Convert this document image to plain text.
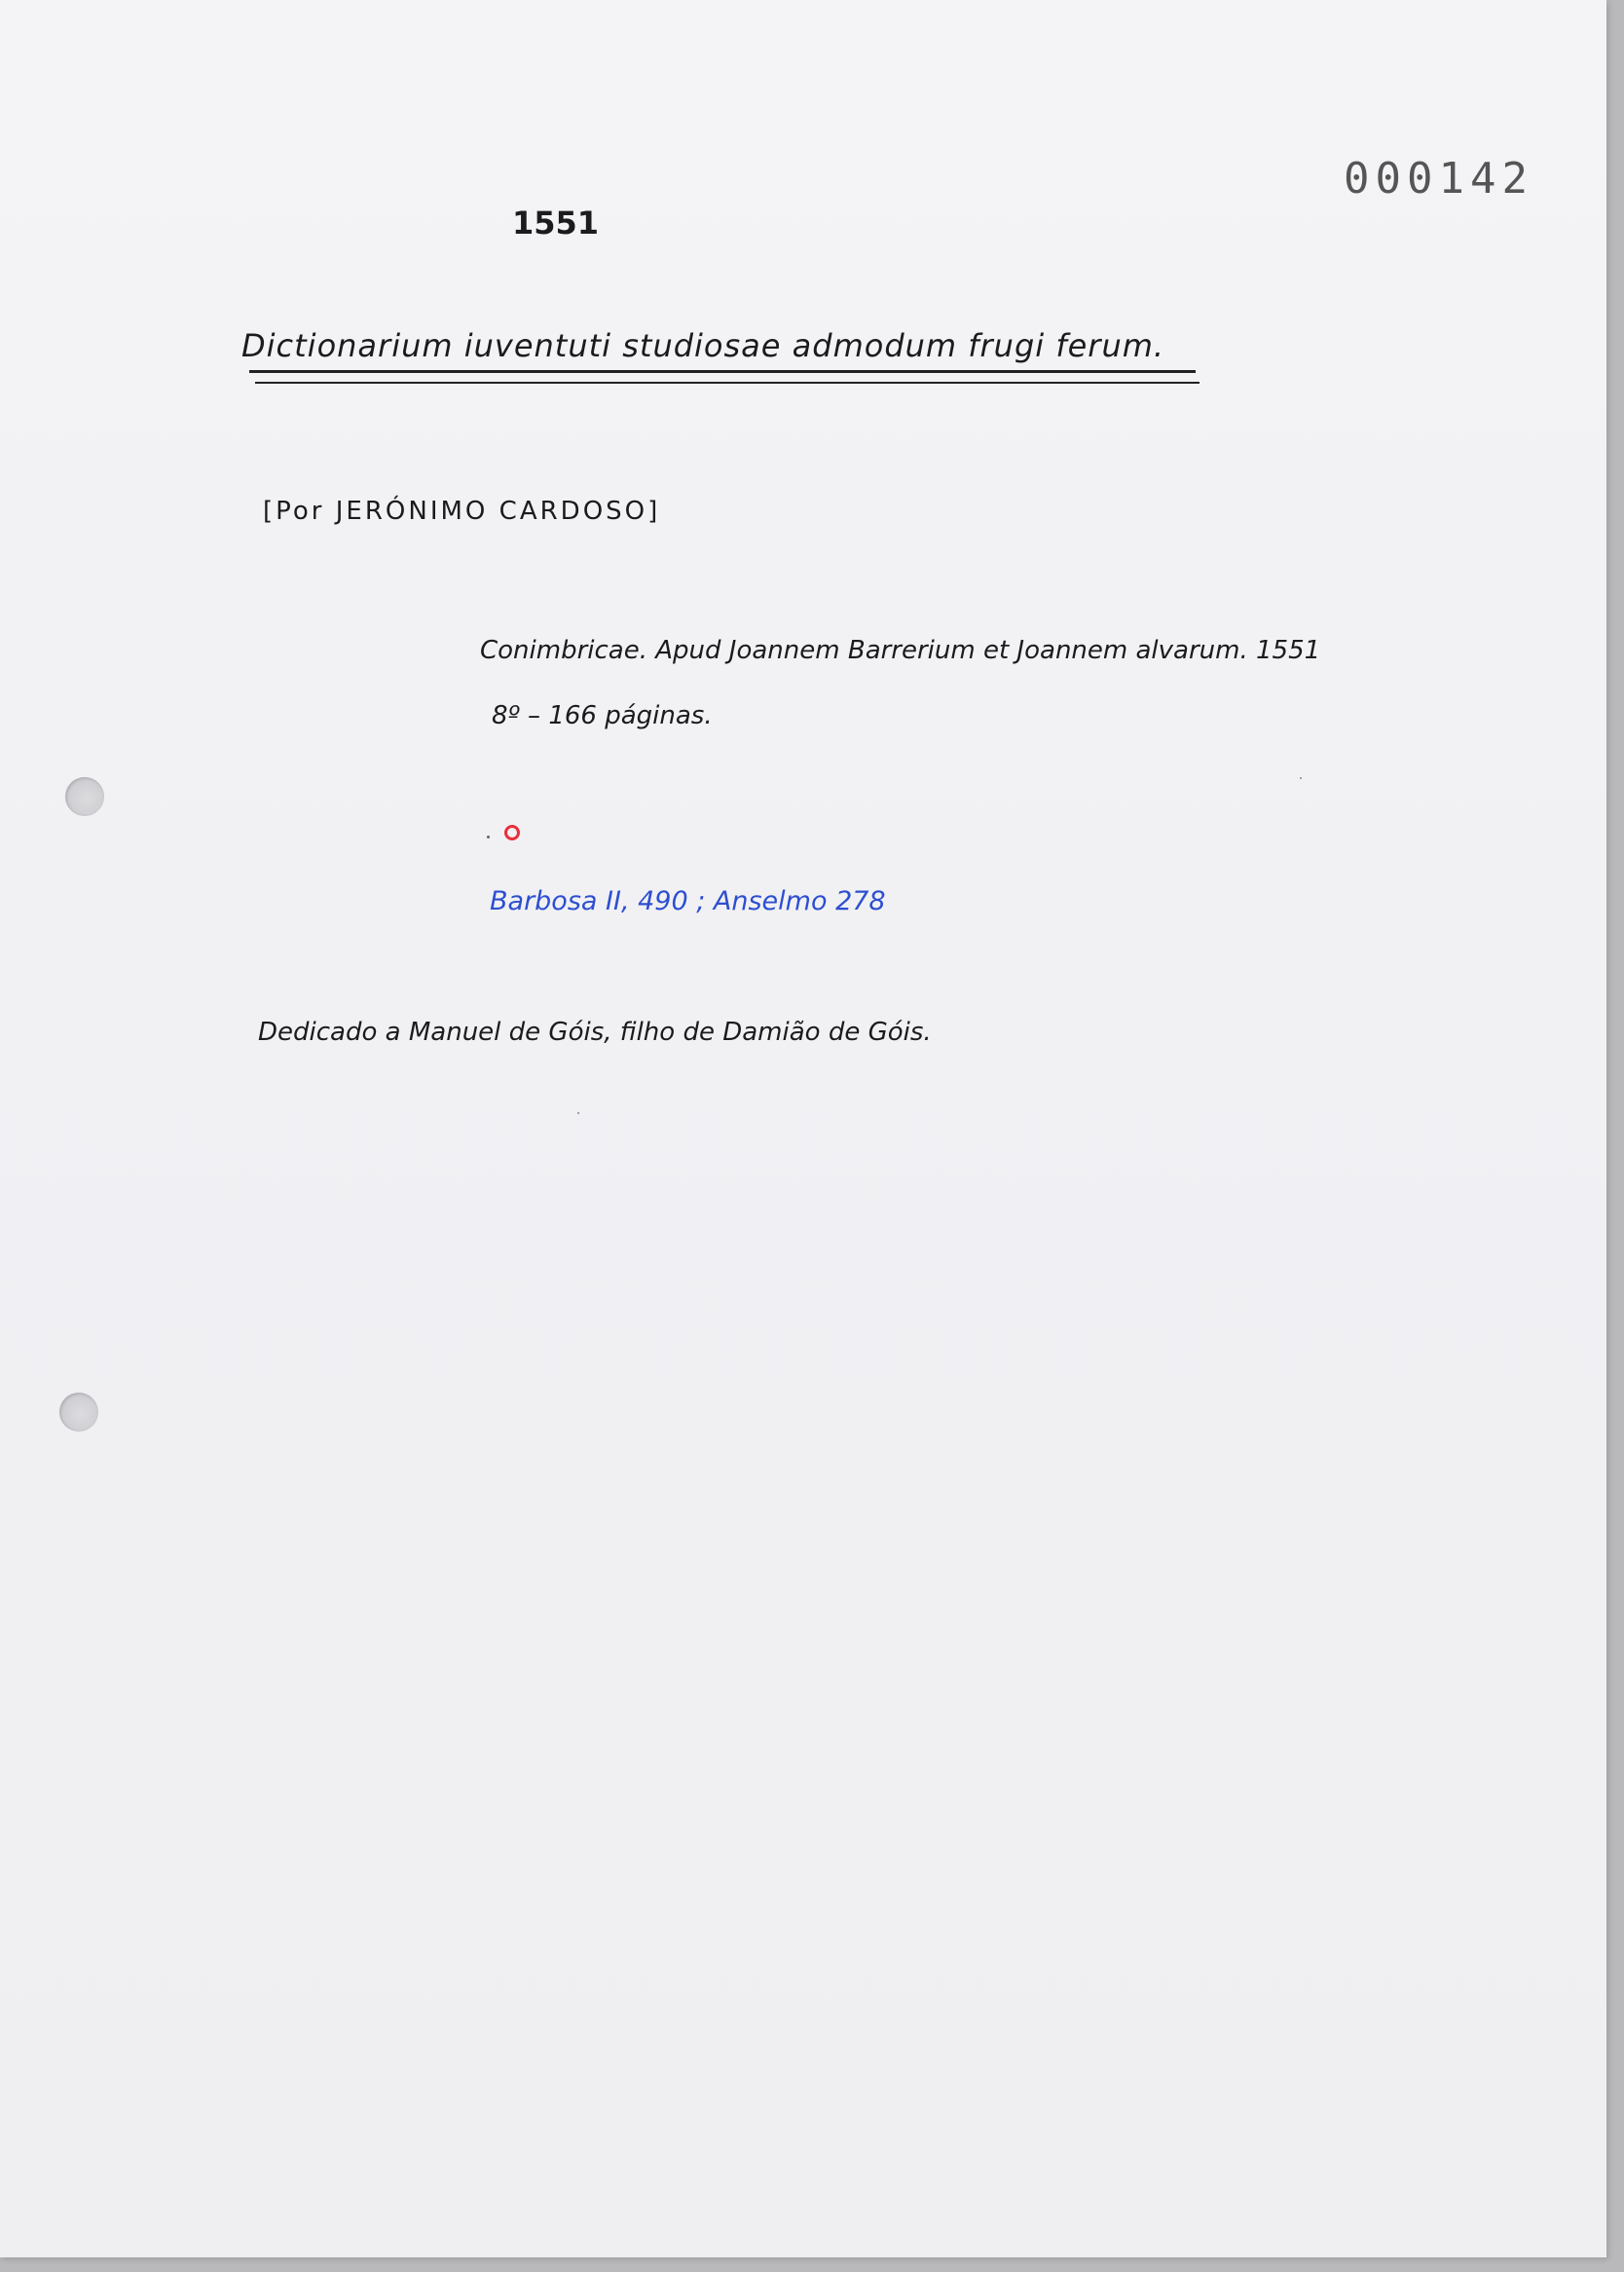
000142
1551
Dictionarium iuventuti studiosae admodum frugi ferum.
[Por JERÓNIMO CARDOSO]
Conimbricae. Apud Joannem Barrerium et Joannem alvarum. 1551
8º – 166 páginas.
Barbosa II, 490 ; Anselmo 278
Dedicado a Manuel de Góis, filho de Damião de Góis.
